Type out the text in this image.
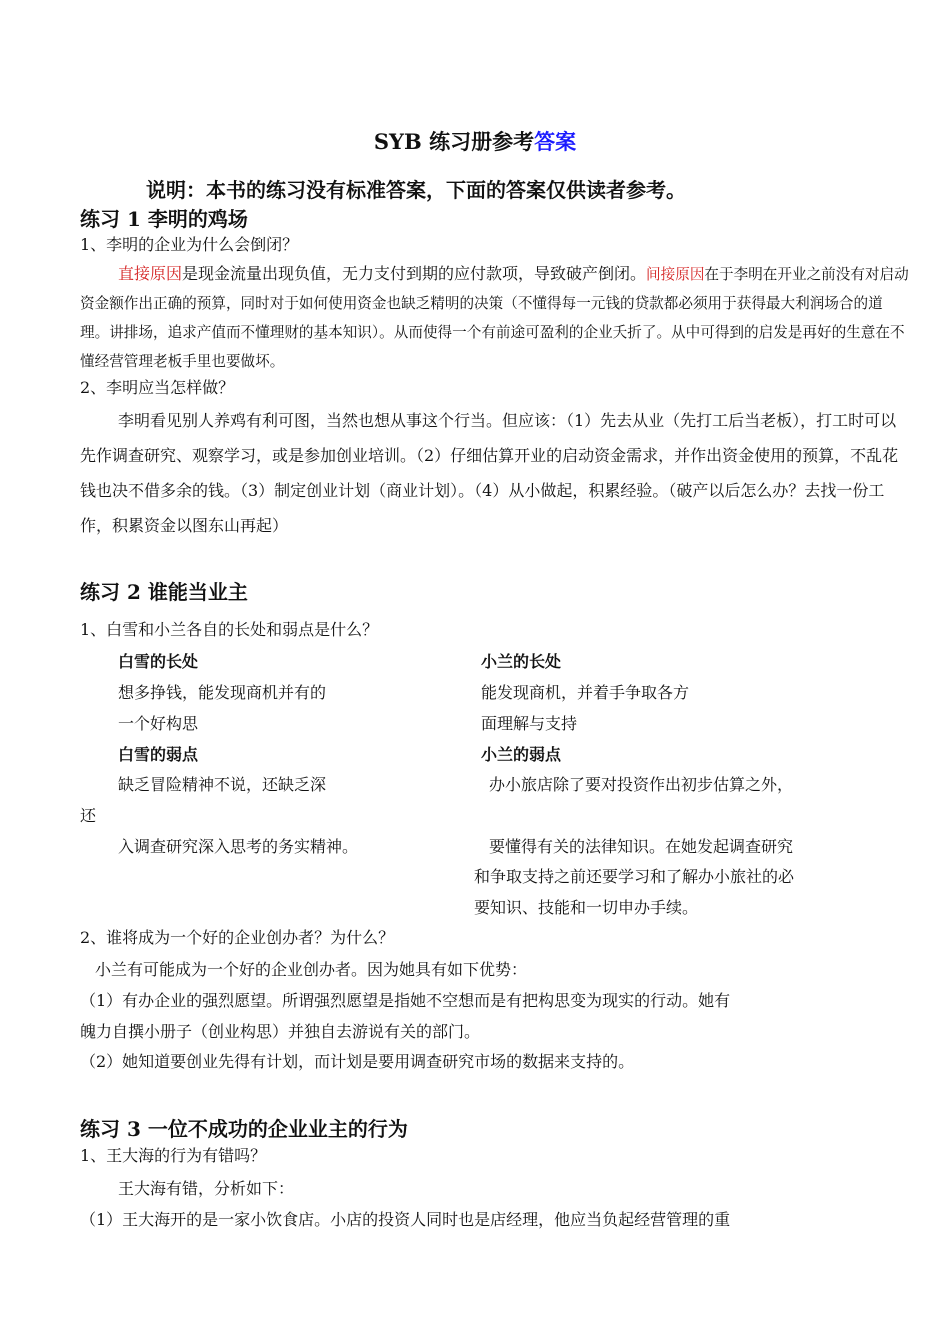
SYB 练习册参考答案
说明：本书的练习没有标准答案，下面的答案仅供读者参考。
练习 1 李明的鸡场
1、李明的企业为什么会倒闭？
直接原因是现金流量出现负值，无力支付到期的应付款项，导致破产倒闭。间接原因在于李明在开业之前没有对启动资金额作出正确的预算，同时对于如何使用资金也缺乏精明的决策（不懂得每一元钱的贷款都必须用于获得最大利润场合的道理。讲排场，追求产值而不懂理财的基本知识）。从而使得一个有前途可盈利的企业夭折了。从中可得到的启发是再好的生意在不懂经营管理老板手里也要做坏。
2、李明应当怎样做？
李明看见别人养鸡有利可图，当然也想从事这个行当。但应该：（1）先去从业（先打工后当老板），打工时可以先作调查研究、观察学习，或是参加创业培训。（2）仔细估算开业的启动资金需求，并作出资金使用的预算，不乱花钱也决不借多余的钱。（3）制定创业计划（商业计划）。（4）从小做起，积累经验。（破产以后怎么办？去找一份工作，积累资金以图东山再起）
练习 2 谁能当业主
1、白雪和小兰各自的长处和弱点是什么？
白雪的长处
想多挣钱，能发现商机并有的
一个好构思
白雪的弱点
缺乏冒险精神不说，还缺乏深
还
入调查研究深入思考的务实精神。
小兰的长处
能发现商机，并着手争取各方
面理解与支持
小兰的弱点
办小旅店除了要对投资作出初步估算之外，
要懂得有关的法律知识。在她发起调查研究
和争取支持之前还要学习和了解办小旅社的必
要知识、技能和一切申办手续。
2、谁将成为一个好的企业创办者？为什么？
小兰有可能成为一个好的企业创办者。因为她具有如下优势：
（1）有办企业的强烈愿望。所谓强烈愿望是指她不空想而是有把构思变为现实的行动。她有
魄力自撰小册子（创业构思）并独自去游说有关的部门。
（2）她知道要创业先得有计划，而计划是要用调查研究市场的数据来支持的。
练习 3 一位不成功的企业业主的行为
1、王大海的行为有错吗？
王大海有错，分析如下：
（1）王大海开的是一家小饮食店。小店的投资人同时也是店经理，他应当负起经营管理的重
